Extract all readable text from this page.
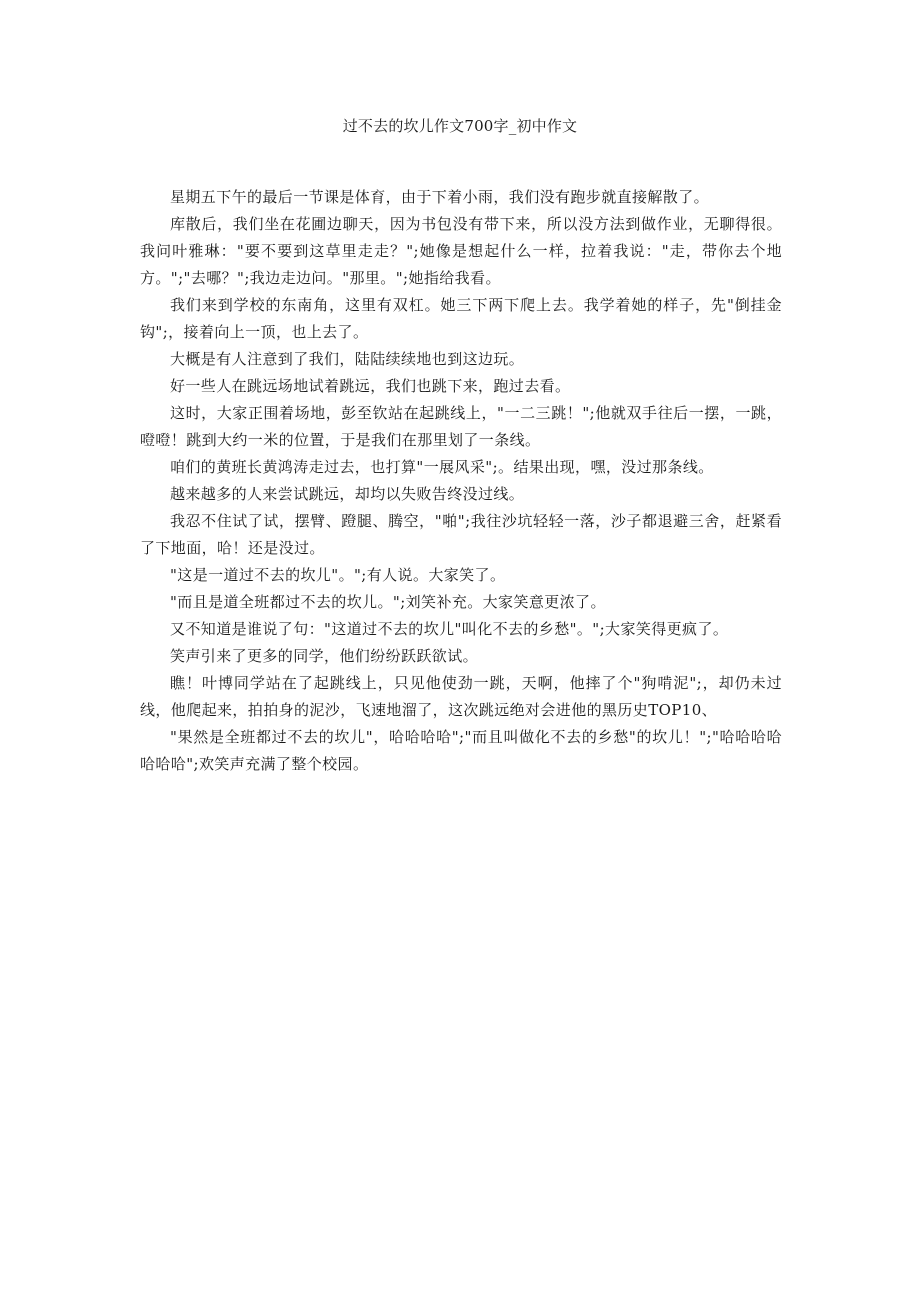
过不去的坎儿作文700字_初中作文

星期五下午的最后一节课是体育，由于下着小雨，我们没有跑步就直接解散了。

库散后，我们坐在花圃边聊天，因为书包没有带下来，所以没方法到做作业，无聊得很。我问叶雅琳："要不要到这草里走走？";她像是想起什么一样，拉着我说："走，带你去个地方。";"去哪？";我边走边问。"那里。";她指给我看。

我们来到学校的东南角，这里有双杠。她三下两下爬上去。我学着她的样子，先"倒挂金钩";，接着向上一顶，也上去了。

大概是有人注意到了我们，陆陆续续地也到这边玩。

好一些人在跳远场地试着跳远，我们也跳下来，跑过去看。

这时，大家正围着场地，彭至钦站在起跳线上，"一二三跳！";他就双手往后一摆，一跳，噔噔！跳到大约一米的位置，于是我们在那里划了一条线。

咱们的黄班长黄鸿涛走过去，也打算"一展风采";。结果出现，嘿，没过那条线。

越来越多的人来尝试跳远，却均以失败告终没过线。

我忍不住试了试，摆臂、蹬腿、腾空，"啪";我往沙坑轻轻一落，沙子都退避三舍，赶紧看了下地面，哈！还是没过。

"这是一道过不去的坎儿"。";有人说。大家笑了。

"而且是道全班都过不去的坎儿。";刘笑补充。大家笑意更浓了。

又不知道是谁说了句："这道过不去的坎儿"叫化不去的乡愁"。";大家笑得更疯了。

笑声引来了更多的同学，他们纷纷跃跃欲试。

瞧！叶博同学站在了起跳线上，只见他使劲一跳，天啊，他摔了个"狗啃泥";，却仍未过线，他爬起来，拍拍身的泥沙，飞速地溜了，这次跳远绝对会进他的黑历史TOP10、

"果然是全班都过不去的坎儿"，哈哈哈哈";"而且叫做化不去的乡愁"的坎儿！";"哈哈哈哈哈哈哈";欢笑声充满了整个校园。
